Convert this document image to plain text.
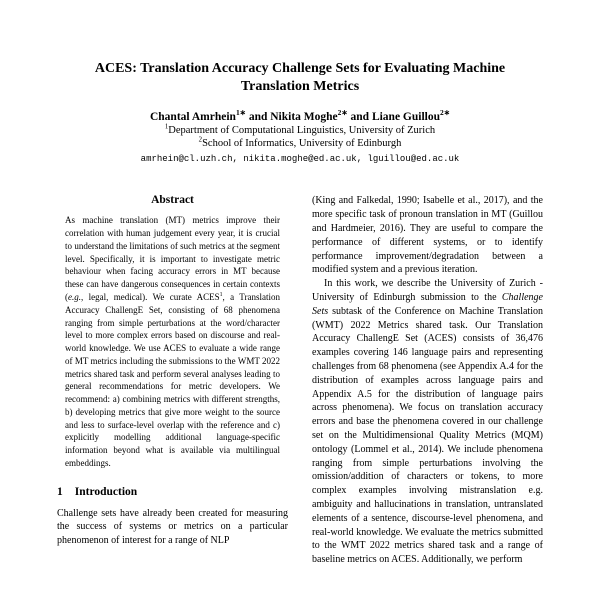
ACES: Translation Accuracy Challenge Sets for Evaluating Machine Translation Metrics
Chantal Amrhein$^{1∗}$ and Nikita Moghe$^{2∗}$ and Liane Guillou$^{2∗}$
$^1$Department of Computational Linguistics, University of Zurich
$^2$School of Informatics, University of Edinburgh
amrhein@cl.uzh.ch, nikita.moghe@ed.ac.uk, lguillou@ed.ac.uk
Abstract

As machine translation (MT) metrics improve their correlation with human judgement every year, it is crucial to understand the limitations of such metrics at the segment level. Specifically, it is important to investigate metric behaviour when facing accuracy errors in MT because these can have dangerous consequences in certain contexts (e.g., legal, medical). We curate ACES$^1$, a Translation Accuracy ChallengE Set, consisting of 68 phenomena ranging from simple perturbations at the word/character level to more complex errors based on discourse and real-world knowledge. We use ACES to evaluate a wide range of MT metrics including the submissions to the WMT 2022 metrics shared task and perform several analyses leading to general recommendations for metric developers. We recommend: a) combining metrics with different strengths, b) developing metrics that give more weight to the source and less to surface-level overlap with the reference and c) explicitly modelling additional language-specific information beyond what is available via multilingual embeddings.

1 Introduction

Challenge sets have already been created for measuring the success of systems or metrics on a particular phenomenon of interest for a range of NLP

(King and Falkedal, 1990; Isabelle et al., 2017), and the more specific task of pronoun translation in MT (Guillou and Hardmeier, 2016). They are useful to compare the performance of different systems, or to identify performance improvement/degradation between a modified system and a previous iteration.

In this work, we describe the University of Zurich - University of Edinburgh submission to the Challenge Sets subtask of the Conference on Machine Translation (WMT) 2022 Metrics shared task. Our Translation Accuracy ChallengE Set (ACES) consists of 36,476 examples covering 146 language pairs and representing challenges from 68 phenomena (see Appendix A.4 for the distribution of examples across language pairs and Appendix A.5 for the distribution of language pairs across phenomena). We focus on translation accuracy errors and base the phenomena covered in our challenge set on the Multidimensional Quality Metrics (MQM) ontology (Lommel et al., 2014). We include phenomena ranging from simple perturbations involving the omission/addition of characters or tokens, to more complex examples involving mistranslation e.g. ambiguity and hallucinations in translation, untranslated elements of a sentence, discourse-level phenomena, and real-world knowledge. We evaluate the metrics submitted to the WMT 2022 metrics shared task and a range of baseline metrics on ACES. Additionally, we perform
